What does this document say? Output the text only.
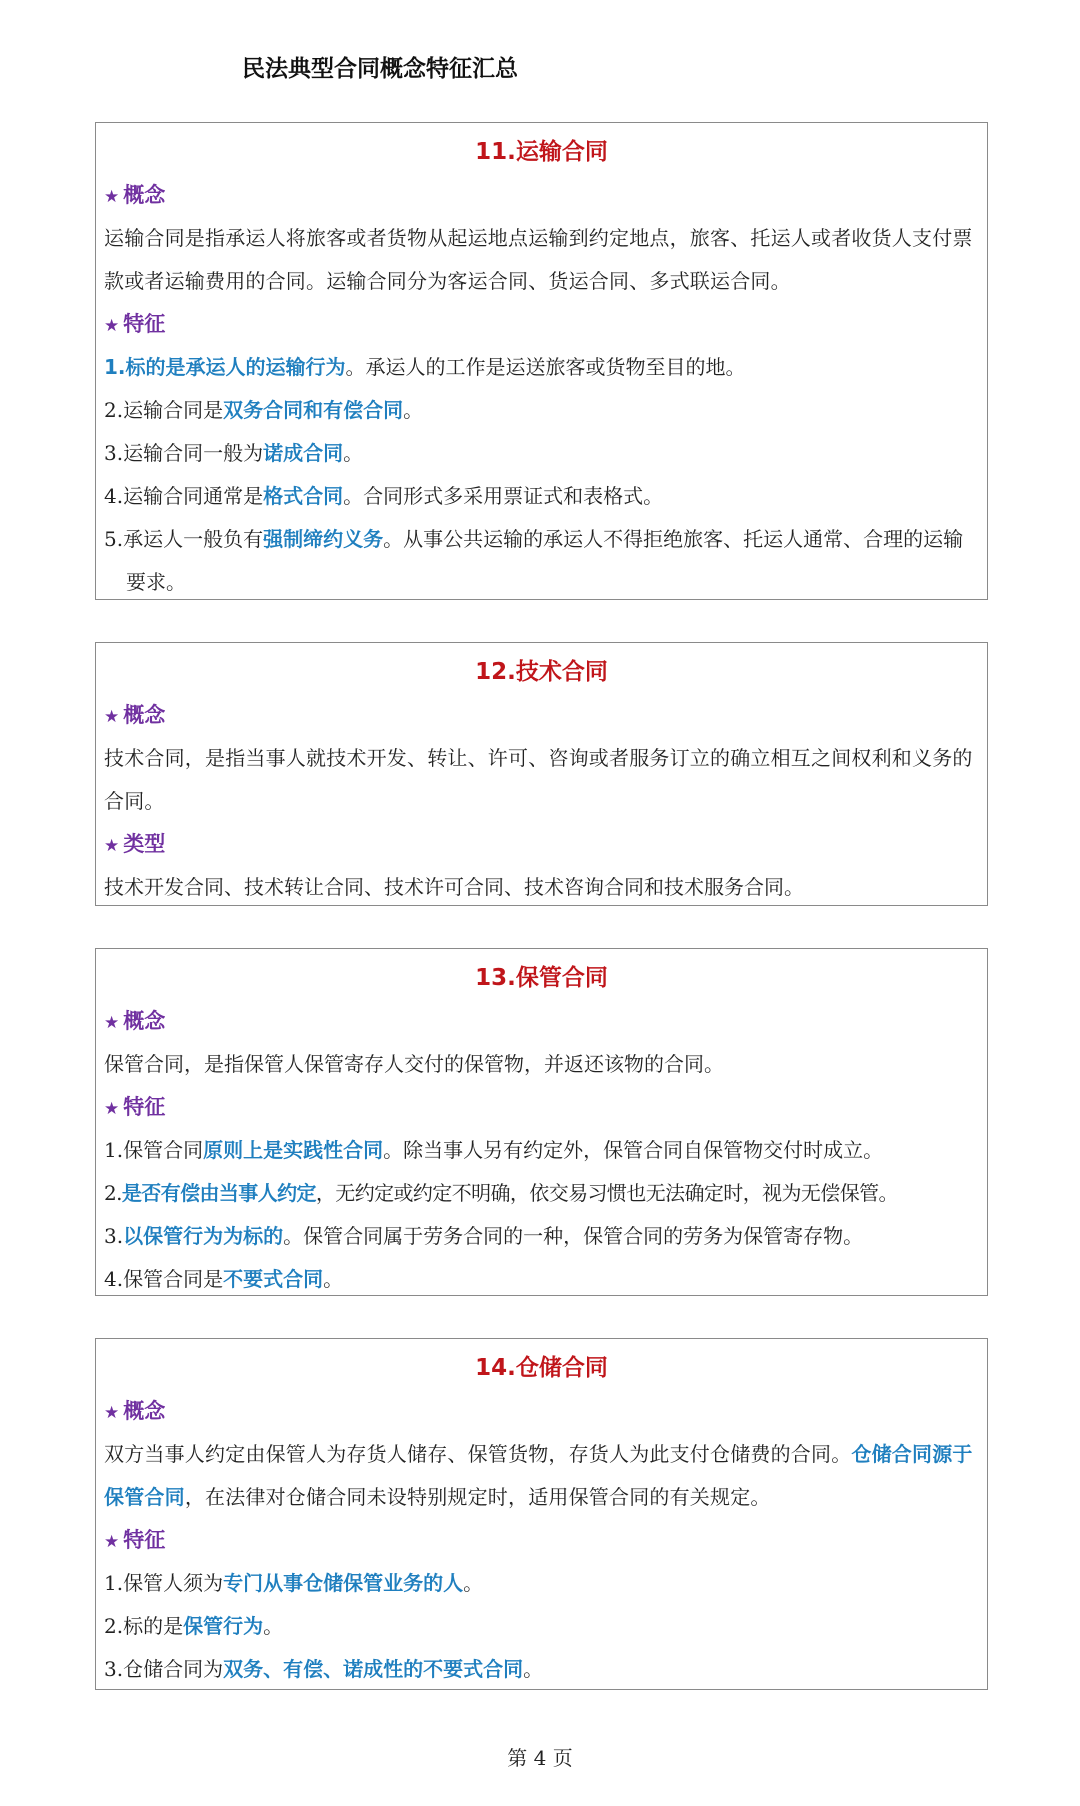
民法典型合同概念特征汇总
11.运输合同
★ 概念
运输合同是指承运人将旅客或者货物从起运地点运输到约定地点，旅客、托运人或者收货人支付票款或者运输费用的合同。运输合同分为客运合同、货运合同、多式联运合同。
★ 特征
1.标的是承运人的运输行为。承运人的工作是运送旅客或货物至目的地。
2.运输合同是双务合同和有偿合同。
3.运输合同一般为诺成合同。
4.运输合同通常是格式合同。合同形式多采用票证式和表格式。
5.承运人一般负有强制缔约义务。从事公共运输的承运人不得拒绝旅客、托运人通常、合理的运输要求。
12.技术合同
★ 概念
技术合同，是指当事人就技术开发、转让、许可、咨询或者服务订立的确立相互之间权利和义务的合同。
★ 类型
技术开发合同、技术转让合同、技术许可合同、技术咨询合同和技术服务合同。
13.保管合同
★ 概念
保管合同，是指保管人保管寄存人交付的保管物，并返还该物的合同。
★ 特征
1.保管合同原则上是实践性合同。除当事人另有约定外，保管合同自保管物交付时成立。
2.是否有偿由当事人约定，无约定或约定不明确，依交易习惯也无法确定时，视为无偿保管。
3.以保管行为为标的。保管合同属于劳务合同的一种，保管合同的劳务为保管寄存物。
4.保管合同是不要式合同。
14.仓储合同
★ 概念
双方当事人约定由保管人为存货人储存、保管货物，存货人为此支付仓储费的合同。仓储合同源于保管合同，在法律对仓储合同未设特别规定时，适用保管合同的有关规定。
★ 特征
1.保管人须为专门从事仓储保管业务的人。
2.标的是保管行为。
3.仓储合同为双务、有偿、诺成性的不要式合同。
第 4 页
